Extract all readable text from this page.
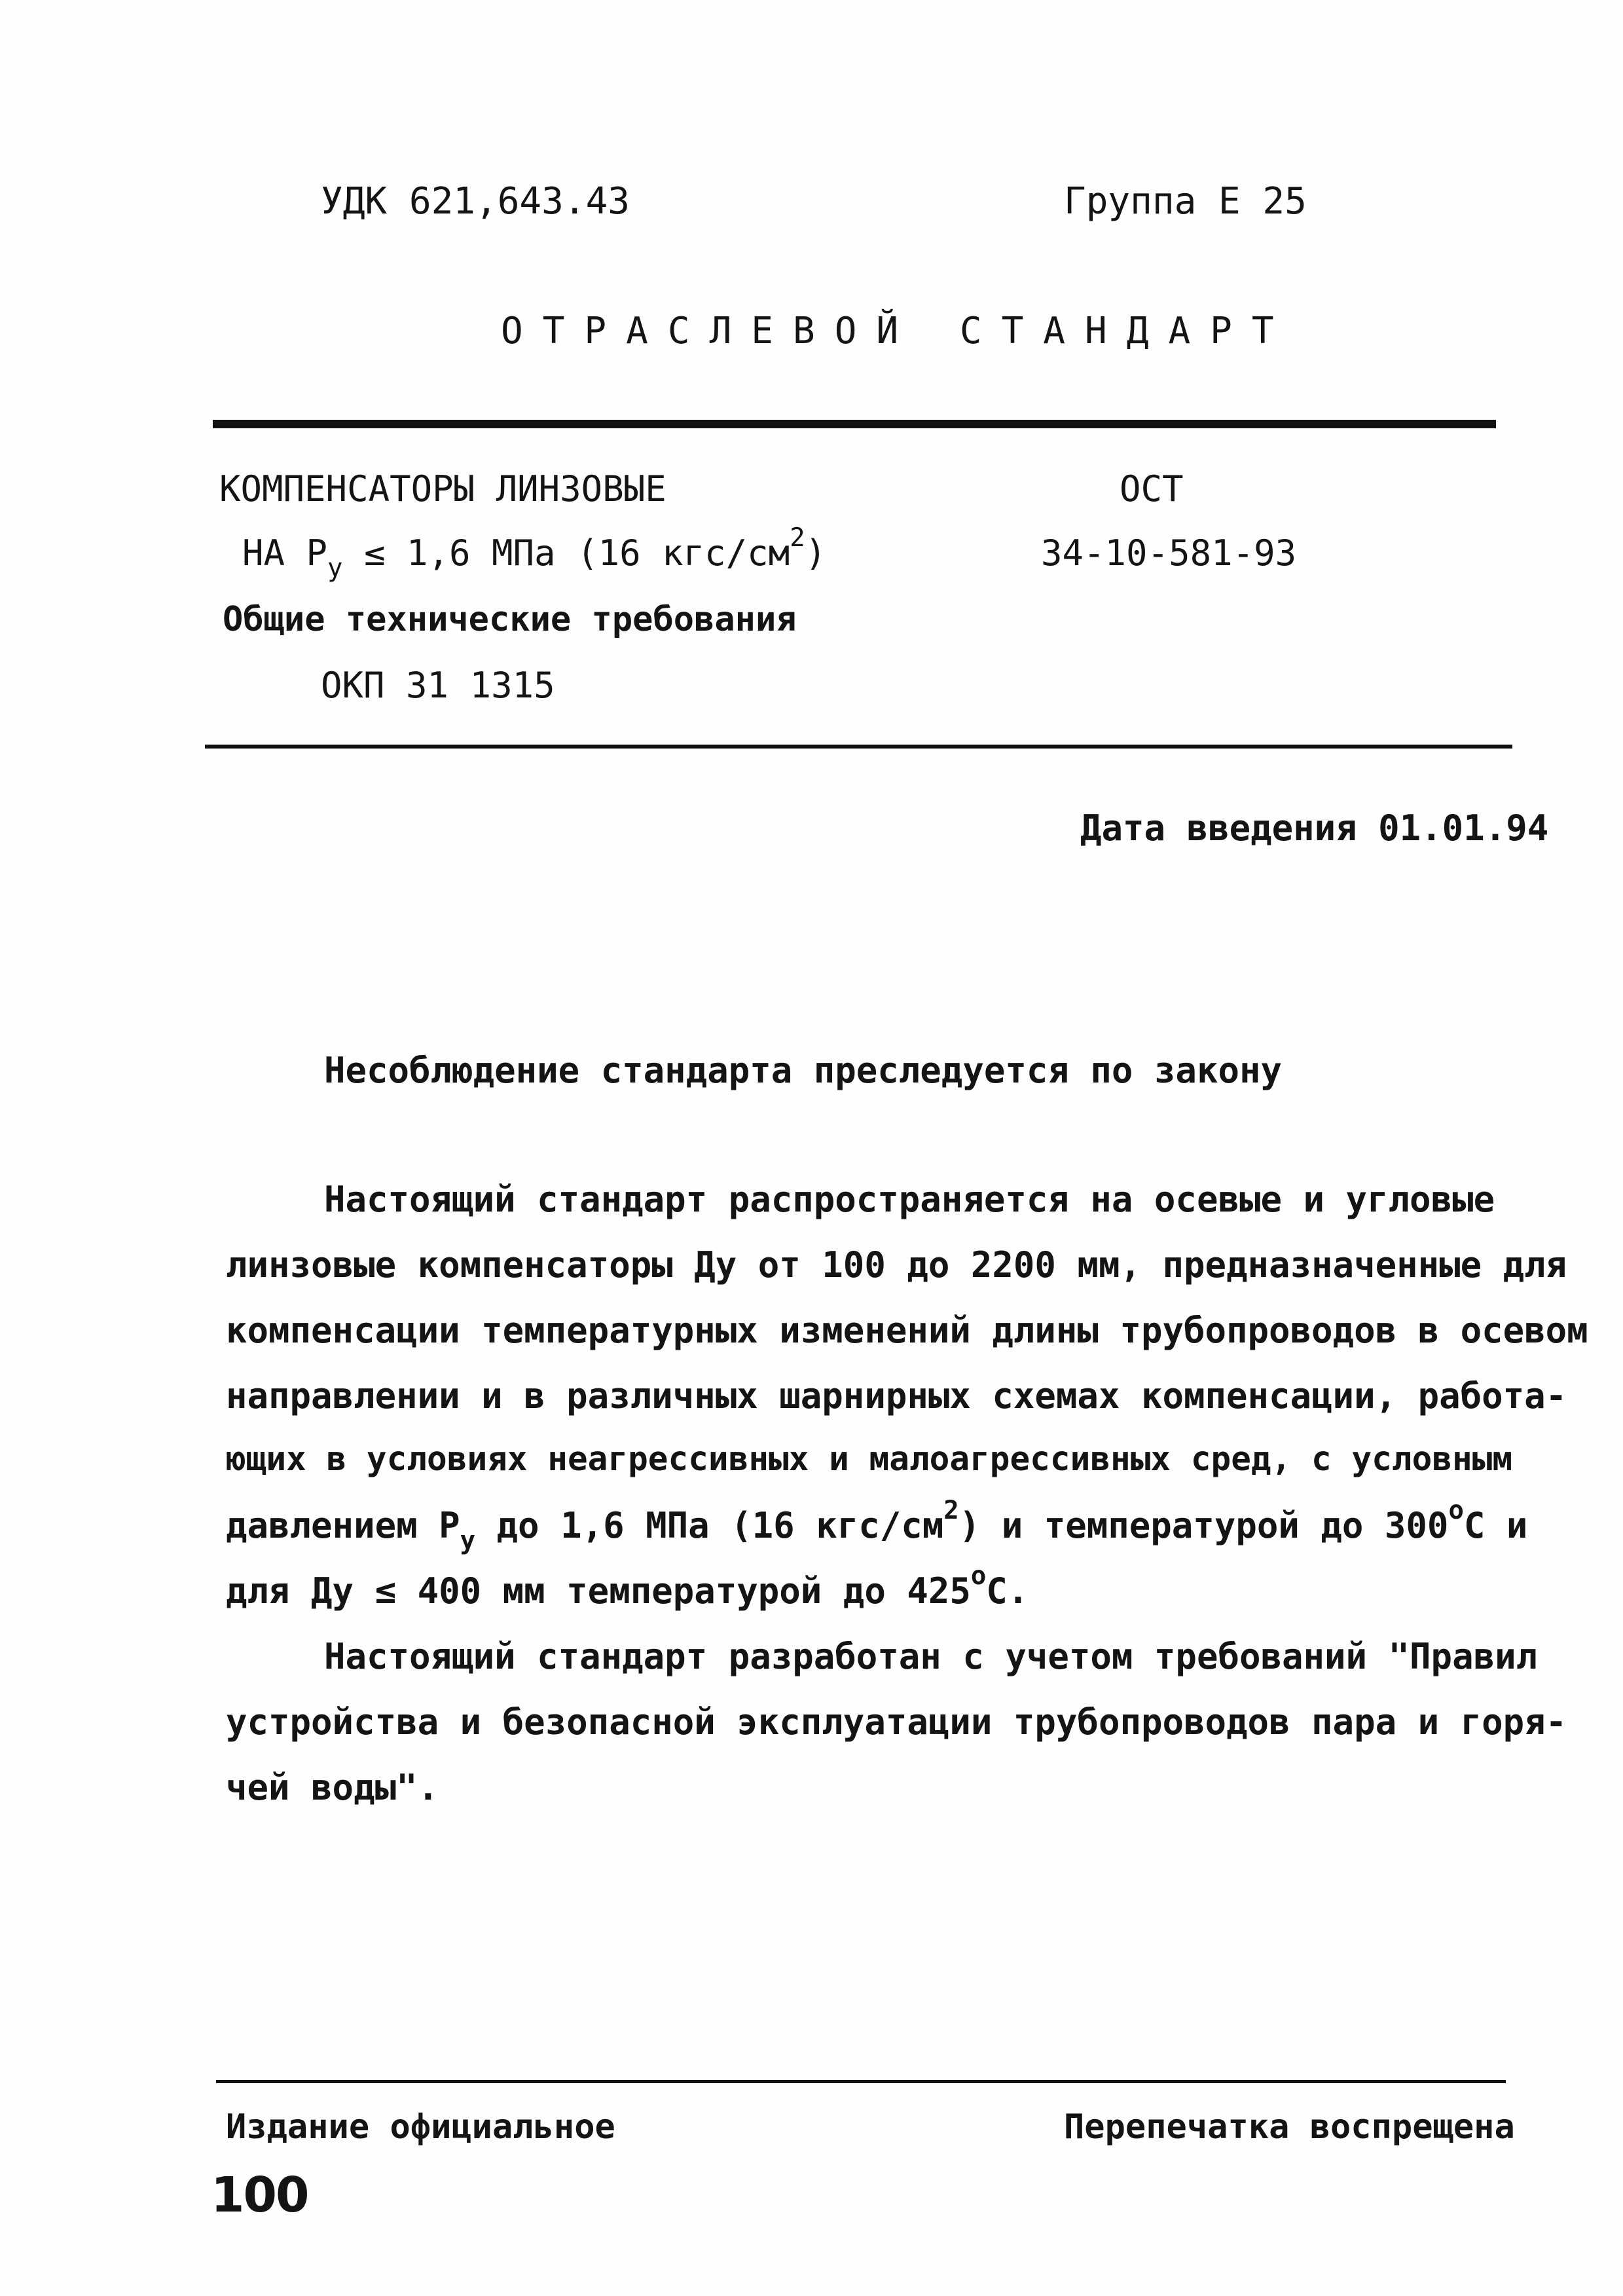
УДК 621,643.43	Группа Е 25
ОТРАСЛЕВОЙ СТАНДАРТ
КОМПЕНСАТОРЫ ЛИНЗОВЫЕ
НА $Р_у \le 1,6$ МПа (16 кгс/$см^2$)
Общие технические требования
ОКП 31 1315
ОСТ
34-10-581-93
Дата введения 01.01.94
Несоблюдение стандарта преследуется по закону
Настоящий стандарт распространяется на осевые и угловые
линзовые компенсаторы Ду от 100 до 2200 мм, предназначенные для
компенсации температурных изменений длины трубопроводов в осевом
направлении и в различных шарнирных схемах компенсации, работа-
ющих в условиях неагрессивных и малоагрессивных сред, с условным
давлением $Р_у$ до 1,6 МПа (16 кгс/$см^2$) и температурой до $300^оС$ и
для Ду ≤ 400 мм температурой до $425^оС$.
Настоящий стандарт разработан с учетом требований "Правил
устройства и безопасной эксплуатации трубопроводов пара и горя-
чей воды".
Издание официальное	Перепечатка воспрещена
100
